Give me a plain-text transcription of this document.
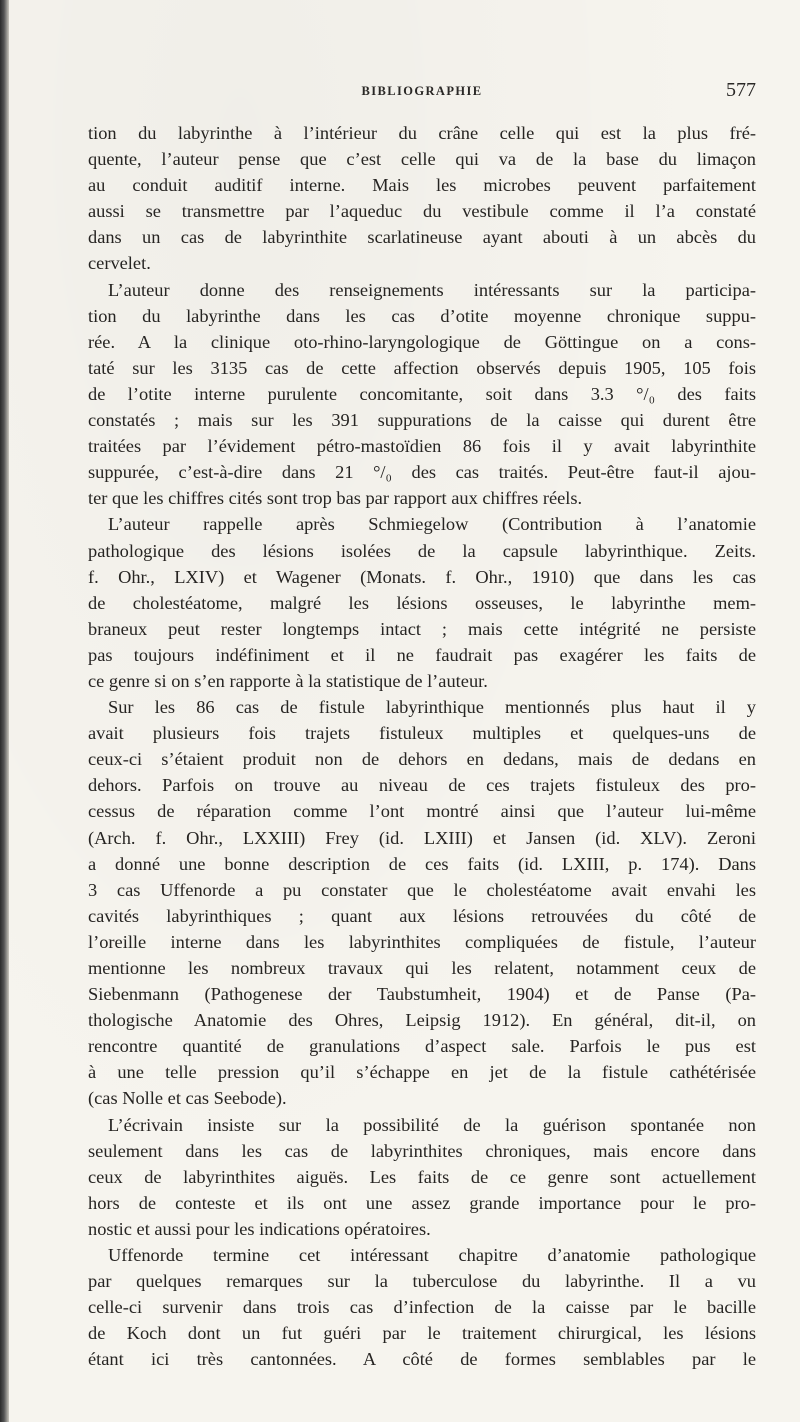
BIBLIOGRAPHIE	577
tion du labyrinthe à l’intérieur du crâne celle qui est la plus fré-
quente, l’auteur pense que c’est celle qui va de la base du limaçon
au conduit auditif interne. Mais les microbes peuvent parfaitement
aussi se transmettre par l’aqueduc du vestibule comme il l’a constaté
dans un cas de labyrinthite scarlatineuse ayant abouti à un abcès du
cervelet.
L’auteur donne des renseignements intéressants sur la participa-
tion du labyrinthe dans les cas d’otite moyenne chronique suppu-
rée. A la clinique oto-rhino-laryngologique de Göttingue on a cons-
taté sur les 3135 cas de cette affection observés depuis 1905, 105 fois
de l’otite interne purulente concomitante, soit dans 3.3 °/₀ des faits
constatés ; mais sur les 391 suppurations de la caisse qui durent être
traitées par l’évidement pétro-mastoïdien 86 fois il y avait labyrinthite
suppurée, c’est-à-dire dans 21 °/₀ des cas traités. Peut-être faut-il ajou-
ter que les chiffres cités sont trop bas par rapport aux chiffres réels.
L’auteur rappelle après Schmiegelow (Contribution à l’anatomie
pathologique des lésions isolées de la capsule labyrinthique. Zeits.
f. Ohr., LXIV) et Wagener (Monats. f. Ohr., 1910) que dans les cas
de cholestéatome, malgré les lésions osseuses, le labyrinthe mem-
braneux peut rester longtemps intact ; mais cette intégrité ne persiste
pas toujours indéfiniment et il ne faudrait pas exagérer les faits de
ce genre si on s’en rapporte à la statistique de l’auteur.
Sur les 86 cas de fistule labyrinthique mentionnés plus haut il y
avait plusieurs fois trajets fistuleux multiples et quelques-uns de
ceux-ci s’étaient produit non de dehors en dedans, mais de dedans en
dehors. Parfois on trouve au niveau de ces trajets fistuleux des pro-
cessus de réparation comme l’ont montré ainsi que l’auteur lui-même
(Arch. f. Ohr., LXXIII) Frey (id. LXIII) et Jansen (id. XLV). Zeroni
a donné une bonne description de ces faits (id. LXIII, p. 174). Dans
3 cas Uffenorde a pu constater que le cholestéatome avait envahi les
cavités labyrinthiques ; quant aux lésions retrouvées du côté de
l’oreille interne dans les labyrinthites compliquées de fistule, l’auteur
mentionne les nombreux travaux qui les relatent, notamment ceux de
Siebenmann (Pathogenese der Taubstumheit, 1904) et de Panse (Pa-
thologische Anatomie des Ohres, Leipsig 1912). En général, dit-il, on
rencontre quantité de granulations d’aspect sale. Parfois le pus est
à une telle pression qu’il s’échappe en jet de la fistule cathétérisée
(cas Nolle et cas Seebode).
L’écrivain insiste sur la possibilité de la guérison spontanée non
seulement dans les cas de labyrinthites chroniques, mais encore dans
ceux de labyrinthites aiguës. Les faits de ce genre sont actuellement
hors de conteste et ils ont une assez grande importance pour le pro-
nostic et aussi pour les indications opératoires.
Uffenorde termine cet intéressant chapitre d’anatomie pathologique
par quelques remarques sur la tuberculose du labyrinthe. Il a vu
celle-ci survenir dans trois cas d’infection de la caisse par le bacille
de Koch dont un fut guéri par le traitement chirurgical, les lésions
étant ici très cantonnées. A côté de formes semblables par le
